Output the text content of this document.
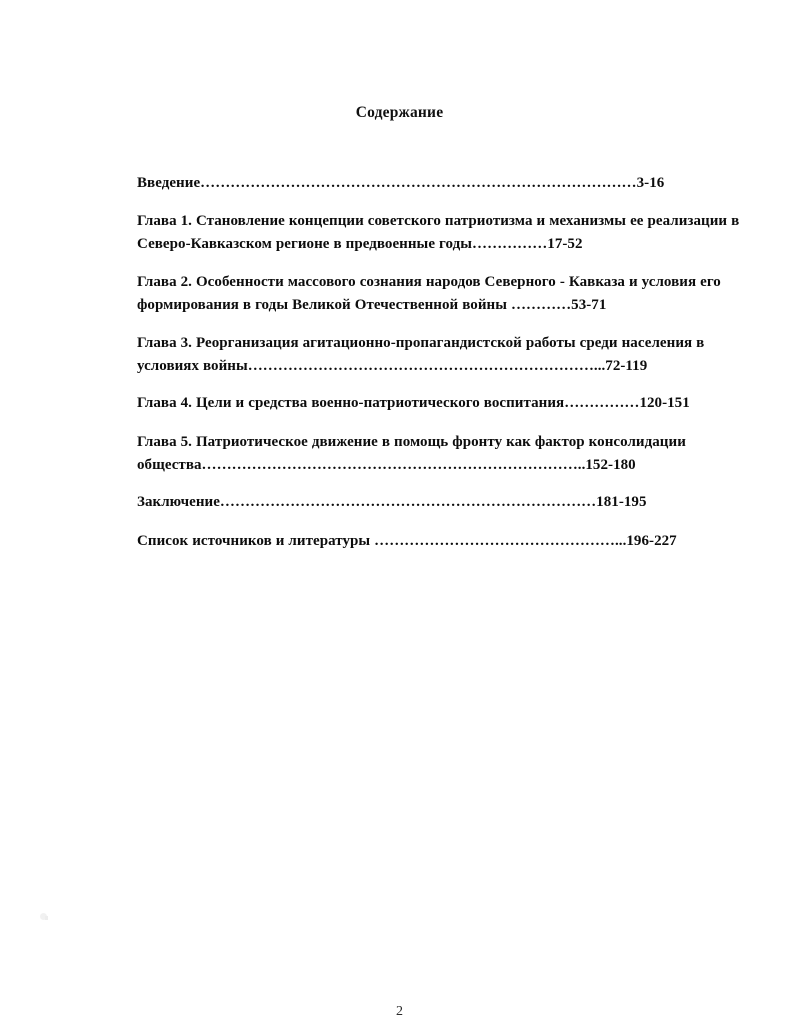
Содержание
Введение……………………………………………………………………………3-16
Глава 1. Становление концепции советского патриотизма и механизмы ее реализации в Северо-Кавказском регионе в предвоенные годы……………17-52
Глава 2. Особенности массового сознания народов Северного - Кавказа и условия его формирования в годы Великой Отечественной войны …………53-71
Глава 3. Реорганизация агитационно-пропагандистской работы среди населения в условиях войны……………………………………………………………...72-119
Глава 4. Цели и средства военно-патриотического воспитания……………120-151
Глава 5. Патриотическое движение в помощь фронту как фактор консолидации общества…………………………………………………………………..152-180
Заключение…………………………………………………………………181-195
Список источников и литературы …………………………………………...196-227
2
